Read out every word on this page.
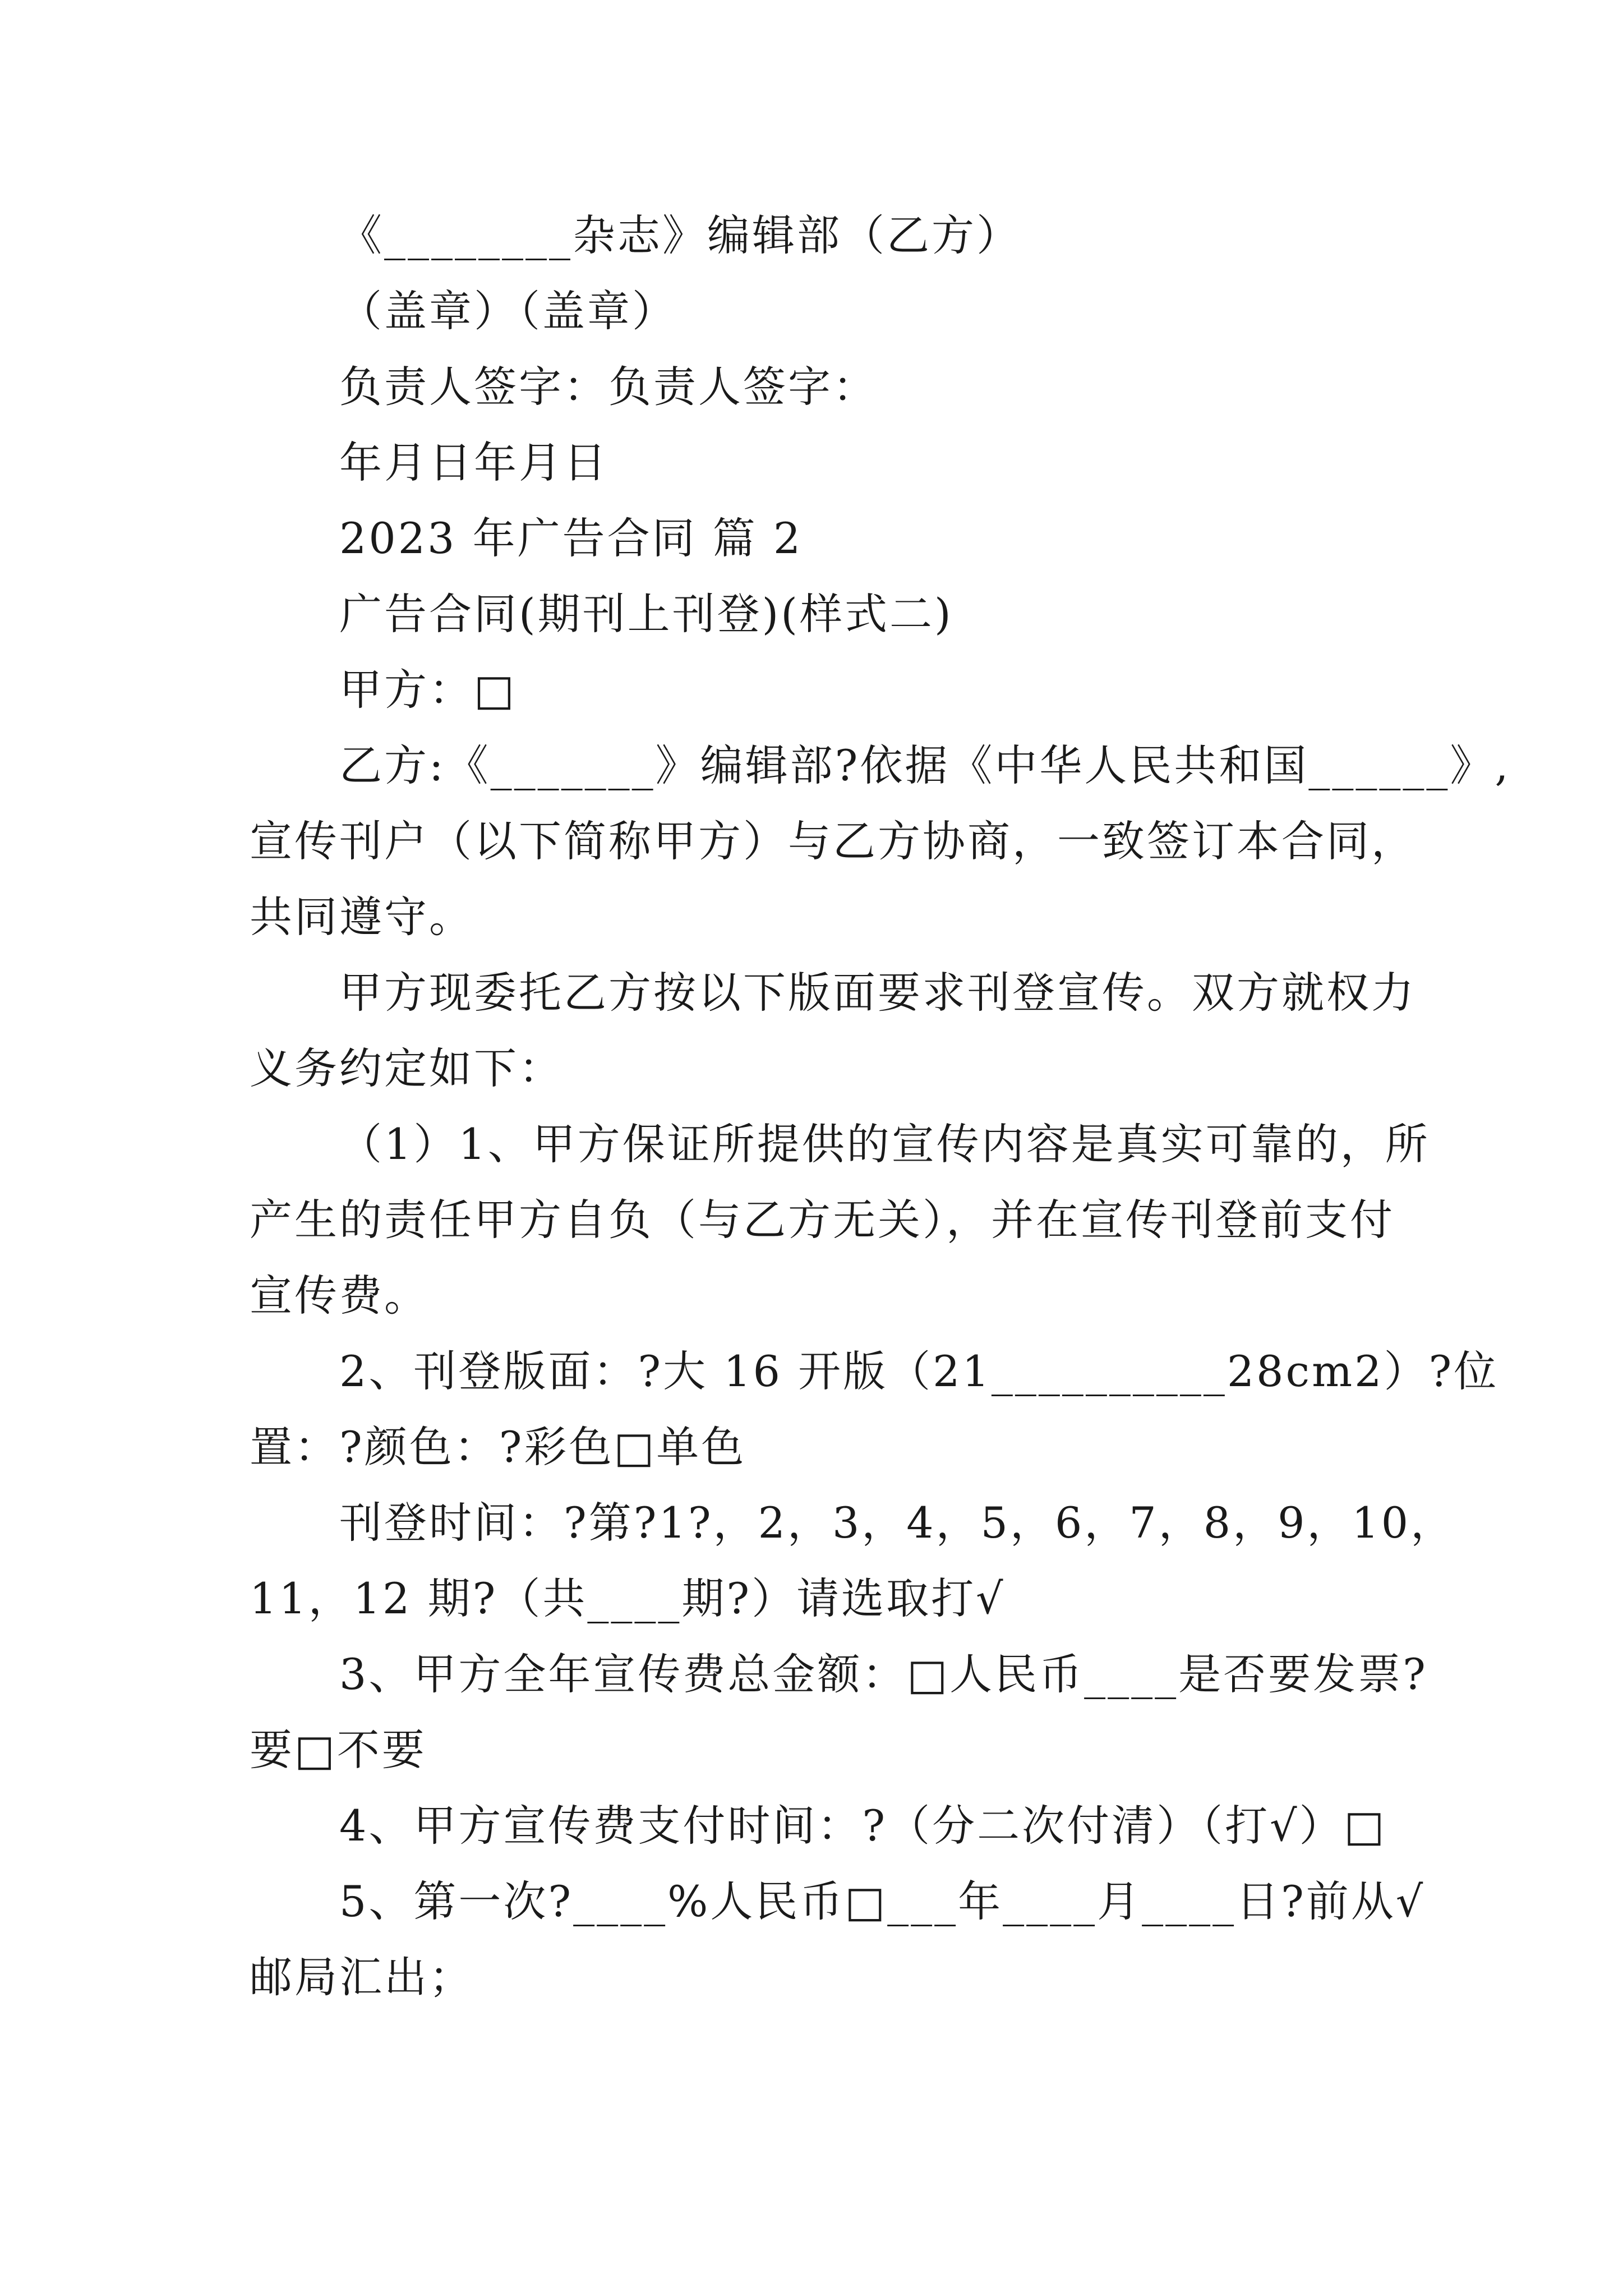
《________杂志》编辑部（乙方）
（盖章）（盖章）
负责人签字：负责人签字：
年月日年月日
2023 年广告合同 篇 2
广告合同(期刊上刊登)(样式二)
甲方：□
乙方:《_______》编辑部?依据《中华人民共和国______》,
宣传刊户（以下简称甲方）与乙方协商，一致签订本合同，
共同遵守。
甲方现委托乙方按以下版面要求刊登宣传。双方就权力
义务约定如下：
（1）1、甲方保证所提供的宣传内容是真实可靠的，所
产生的责任甲方自负（与乙方无关），并在宣传刊登前支付
宣传费。
2、刊登版面：?大 16 开版（21__________28cm2）?位
置：?颜色：?彩色□单色
刊登时间：?第?1?，2，3，4，5，6，7，8，9，10，
11，12 期?（共____期?）请选取打√
3、甲方全年宣传费总金额：□人民币____是否要发票?
要□不要
4、甲方宣传费支付时间：?（分二次付清）（打√）□
5、第一次?____%人民币□___年____月____日?前从√
邮局汇出；
